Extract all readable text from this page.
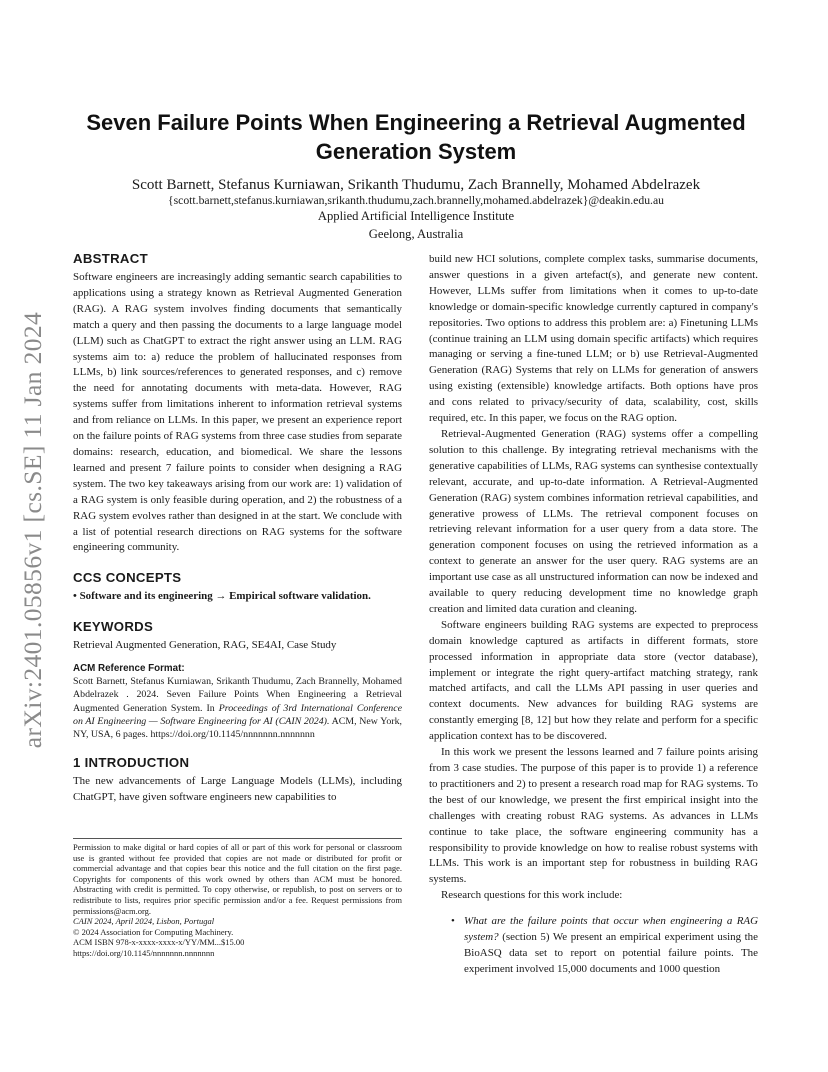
arXiv:2401.05856v1 [cs.SE] 11 Jan 2024
Seven Failure Points When Engineering a Retrieval Augmented Generation System
Scott Barnett, Stefanus Kurniawan, Srikanth Thudumu, Zach Brannelly, Mohamed Abdelrazek
{scott.barnett,stefanus.kurniawan,srikanth.thudumu,zach.brannelly,mohamed.abdelrazek}@deakin.edu.au
Applied Artificial Intelligence Institute
Geelong, Australia
ABSTRACT

Software engineers are increasingly adding semantic search capabilities to applications using a strategy known as Retrieval Augmented Generation (RAG). A RAG system involves finding documents that semantically match a query and then passing the documents to a large language model (LLM) such as ChatGPT to extract the right answer using an LLM. RAG systems aim to: a) reduce the problem of hallucinated responses from LLMs, b) link sources/references to generated responses, and c) remove the need for annotating documents with meta-data. However, RAG systems suffer from limitations inherent to information retrieval systems and from reliance on LLMs. In this paper, we present an experience report on the failure points of RAG systems from three case studies from separate domains: research, education, and biomedical. We share the lessons learned and present 7 failure points to consider when designing a RAG system. The two key takeaways arising from our work are: 1) validation of a RAG system is only feasible during operation, and 2) the robustness of a RAG system evolves rather than designed in at the start. We conclude with a list of potential research directions on RAG systems for the software engineering community.

CCS CONCEPTS

• Software and its engineering → Empirical software validation.

KEYWORDS

Retrieval Augmented Generation, RAG, SE4AI, Case Study

ACM Reference Format:

Scott Barnett, Stefanus Kurniawan, Srikanth Thudumu, Zach Brannelly, Mohamed Abdelrazek . 2024. Seven Failure Points When Engineering a Retrieval Augmented Generation System. In Proceedings of 3rd International Conference on AI Engineering — Software Engineering for AI (CAIN 2024). ACM, New York, NY, USA, 6 pages. https://doi.org/10.1145/nnnnnnn.nnnnnnn

1 INTRODUCTION

The new advancements of Large Language Models (LLMs), including ChatGPT, have given software engineers new capabilities to

Permission to make digital or hard copies of all or part of this work for personal or classroom use is granted without fee provided that copies are not made or distributed for profit or commercial advantage and that copies bear this notice and the full citation on the first page. Copyrights for components of this work owned by others than ACM must be honored. Abstracting with credit is permitted. To copy otherwise, or republish, to post on servers or to redistribute to lists, requires prior specific permission and/or a fee. Request permissions from permissions@acm.org.
CAIN 2024, April 2024, Lisbon, Portugal
© 2024 Association for Computing Machinery.
ACM ISBN 978-x-xxxx-xxxx-x/YY/MM...$15.00
https://doi.org/10.1145/nnnnnnn.nnnnnnn

build new HCI solutions, complete complex tasks, summarise documents, answer questions in a given artefact(s), and generate new content. However, LLMs suffer from limitations when it comes to up-to-date knowledge or domain-specific knowledge currently captured in company's repositories. Two options to address this problem are: a) Finetuning LLMs (continue training an LLM using domain specific artifacts) which requires managing or serving a fine-tuned LLM; or b) use Retrieval-Augmented Generation (RAG) Systems that rely on LLMs for generation of answers using existing (extensible) knowledge artifacts. Both options have pros and cons related to privacy/security of data, scalability, cost, skills required, etc. In this paper, we focus on the RAG option.

Retrieval-Augmented Generation (RAG) systems offer a compelling solution to this challenge. By integrating retrieval mechanisms with the generative capabilities of LLMs, RAG systems can synthesise contextually relevant, accurate, and up-to-date information. A Retrieval-Augmented Generation (RAG) system combines information retrieval capabilities, and generative prowess of LLMs. The retrieval component focuses on retrieving relevant information for a user query from a data store. The generation component focuses on using the retrieved information as a context to generate an answer for the user query. RAG systems are an important use case as all unstructured information can now be indexed and available to query reducing development time no knowledge graph creation and limited data curation and cleaning.

Software engineers building RAG systems are expected to preprocess domain knowledge captured as artifacts in different formats, store processed information in appropriate data store (vector database), implement or integrate the right query-artifact matching strategy, rank matched artifacts, and call the LLMs API passing in user queries and context documents. New advances for building RAG systems are constantly emerging [8, 12] but how they relate and perform for a specific application context has to be discovered.

In this work we present the lessons learned and 7 failure points arising from 3 case studies. The purpose of this paper is to provide 1) a reference to practitioners and 2) to present a research road map for RAG systems. To the best of our knowledge, we present the first empirical insight into the challenges with creating robust RAG systems. As advances in LLMs continue to take place, the software engineering community has a responsibility to provide knowledge on how to realise robust systems with LLMs. This work is an important step for robustness in building RAG systems.

Research questions for this work include:

• What are the failure points that occur when engineering a RAG system? (section 5) We present an empirical experiment using the BioASQ data set to report on potential failure points. The experiment involved 15,000 documents and 1000 question
